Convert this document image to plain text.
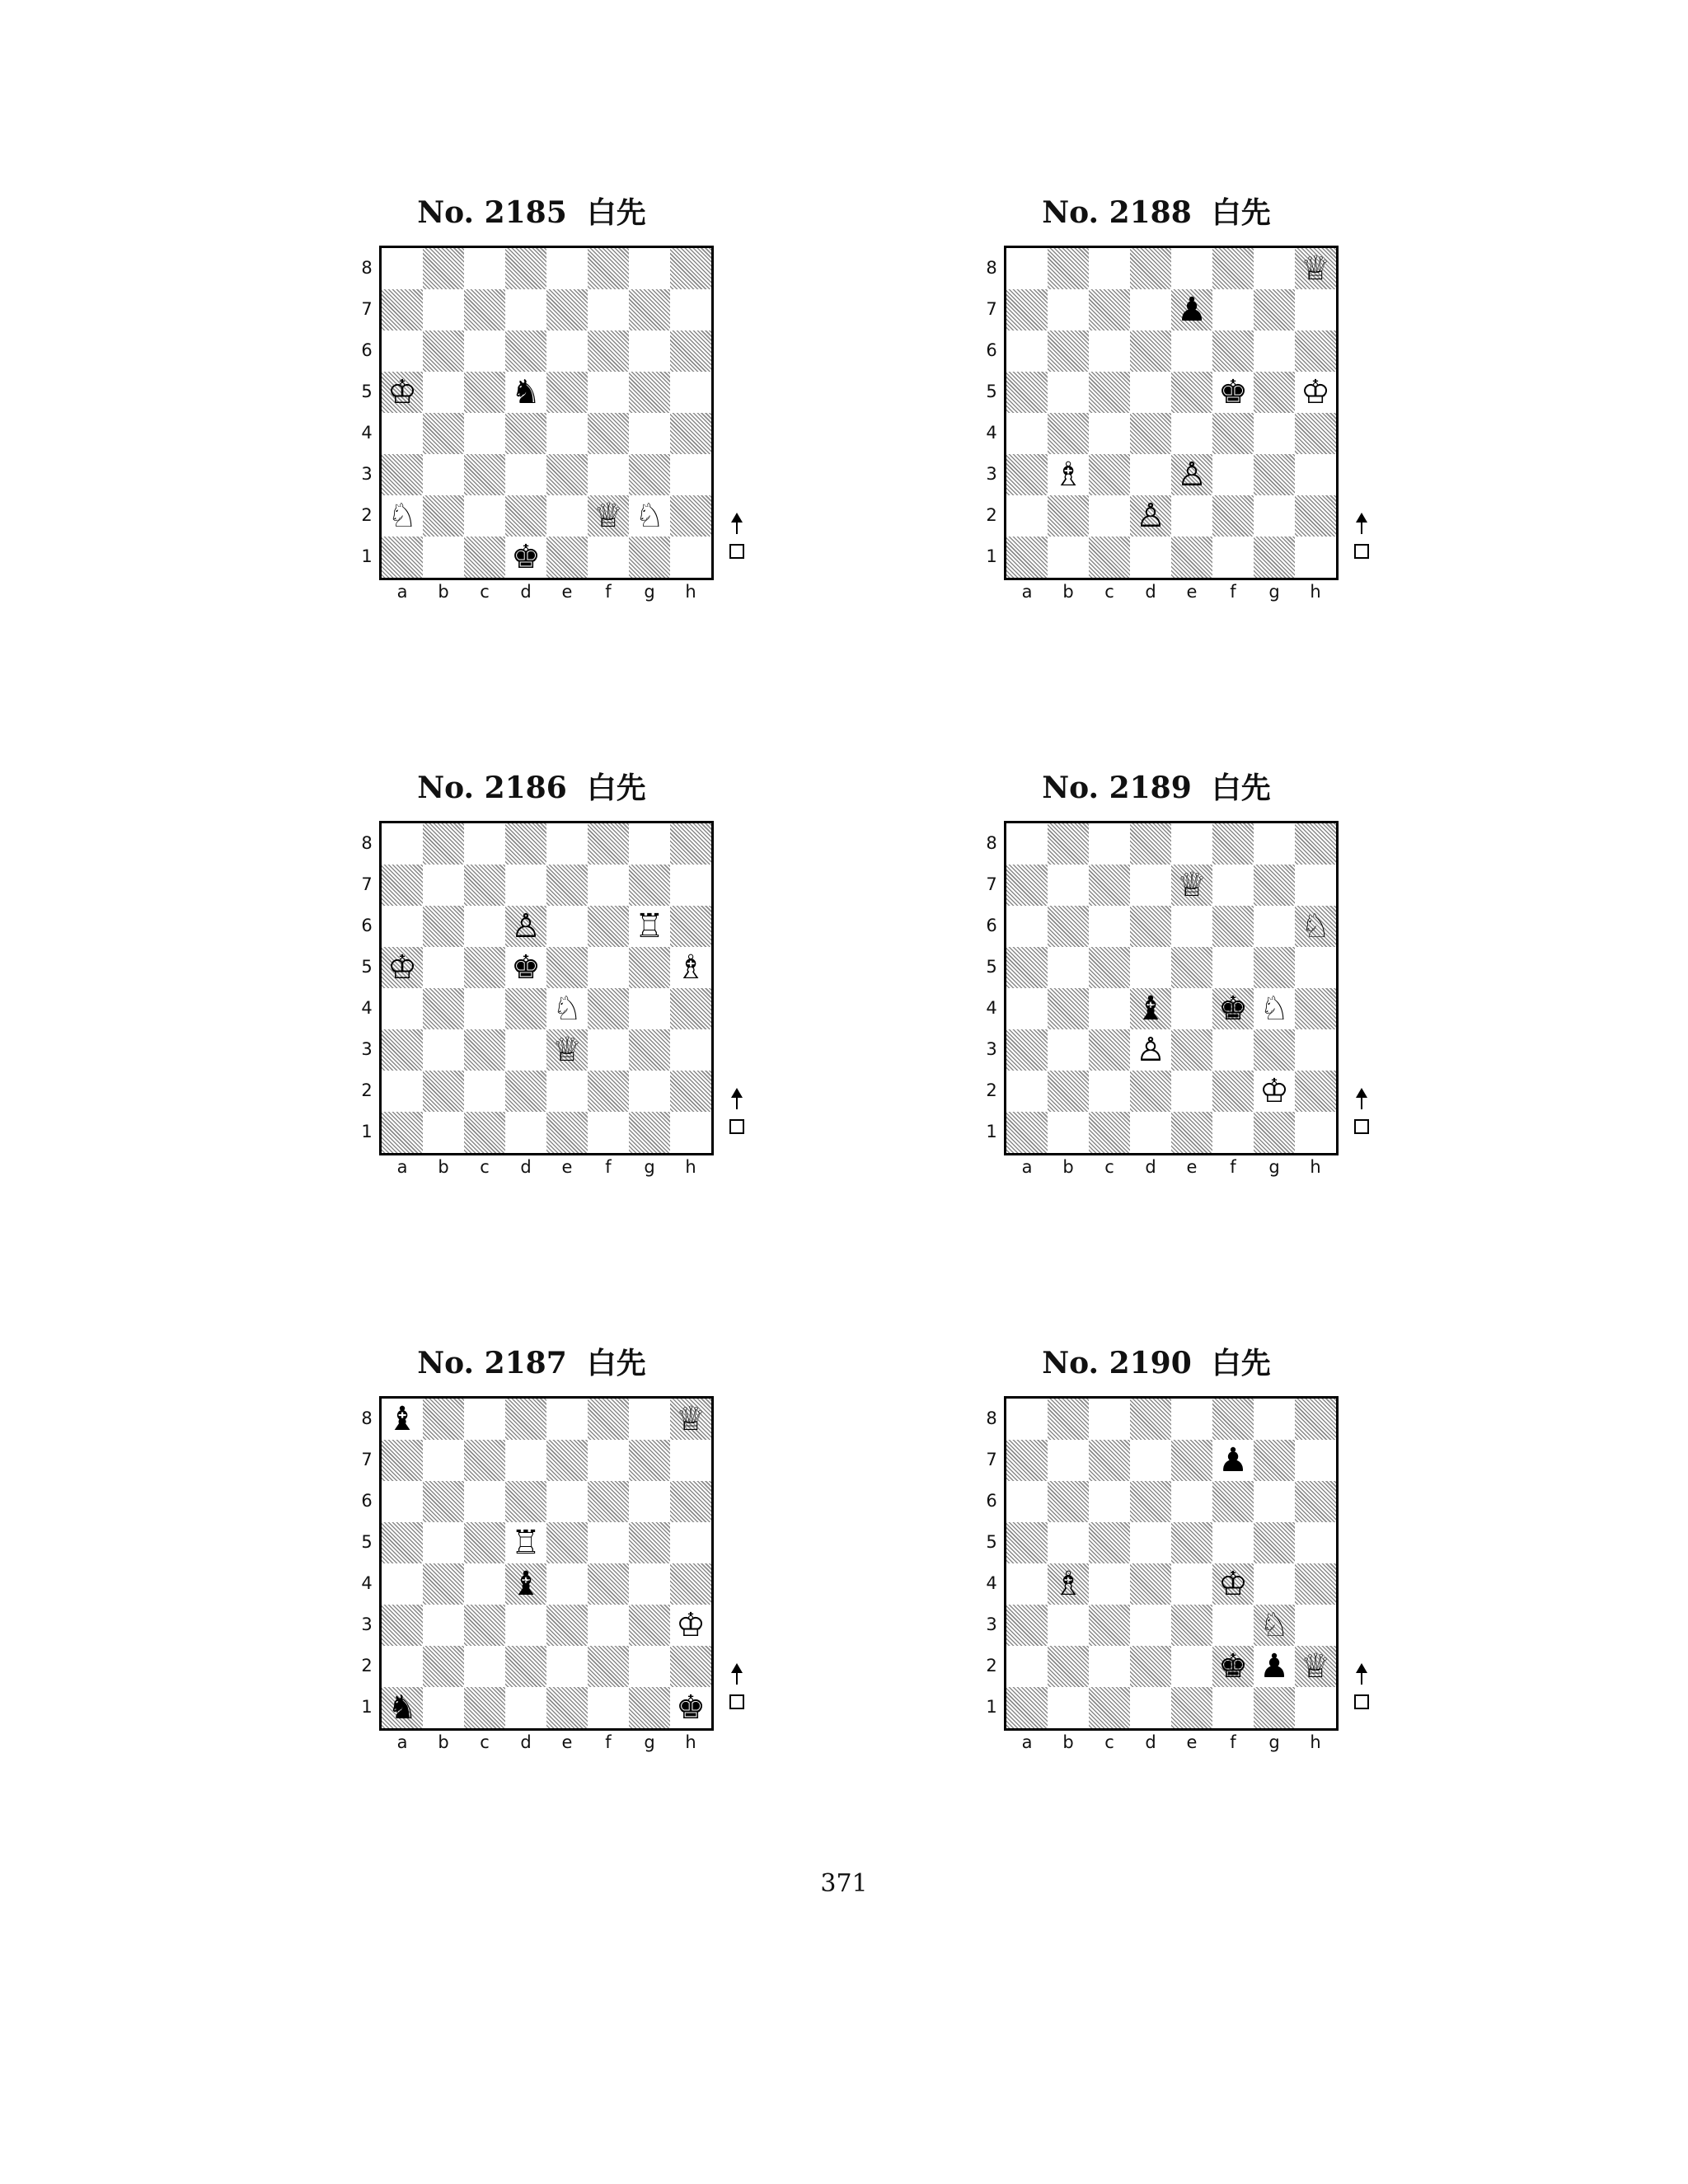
No. 2185 白先
8
7
6
5
4
3
2
1
a	b	c	d	e	f	g	h
♔	♞
♘	♕ ♘
♚
No. 2188 白先
8
7
6
5
4
3
2
1
a	b	c	d	e	f	g	h
♕
♟
♚ ♔
♗	♙
♙
No. 2186 白先
8
7
6
5
4
3
2
1
a	b	c	d	e	f	g	h
♙	♖
♔	♚	♗
♘
♕
No. 2189 白先
8
7
6
5
4
3
2
1
a	b	c	d	e	f	g	h
♕
♘
♝ ♚ ♘
♙
♔
No. 2187 白先
8
7
6
5
4
3
2
1
a	b	c	d	e	f	g	h
♝	♕
♖
♝
♔
♞	♚
No. 2190 白先
8
7
6
5
4
3
2
1
a	b	c	d	e	f	g	h
♟
♗	♔
♘
♚ ♟ ♕
371
